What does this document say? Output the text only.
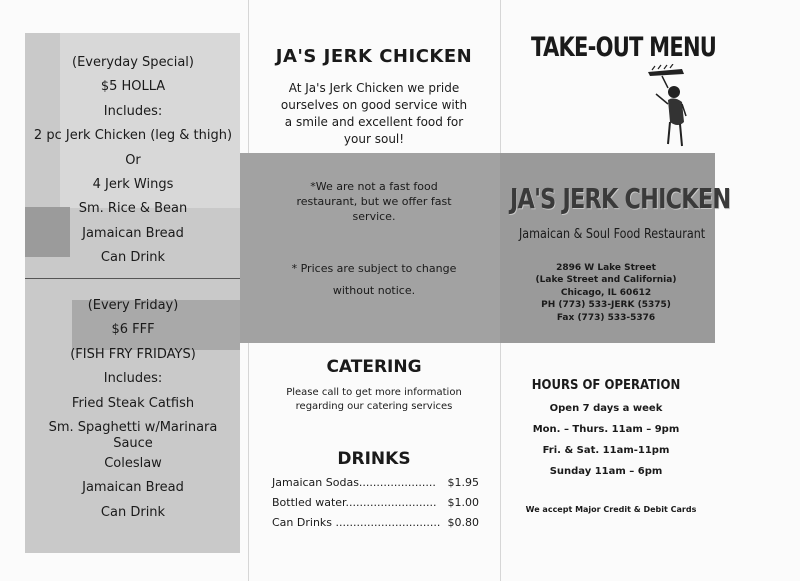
(Everyday Special)
$5 HOLLA
Includes:
2 pc Jerk Chicken (leg & thigh)
Or
4 Jerk Wings
Sm. Rice & Bean
Jamaican Bread
Can Drink
(Every Friday)
$6 FFF
(FISH FRY FRIDAYS)
Includes:
Fried Steak Catfish
Sm. Spaghetti w/Marinara
Sauce
Coleslaw
Jamaican Bread
Can Drink
JA'S JERK CHICKEN
At Ja's Jerk Chicken we pride
ourselves on good service with
a smile and excellent food for
your soul!
*We are not a fast food
restaurant, but we offer fast
service.
* Prices are subject to change
without notice.
CATERING
Please call to get more information
regarding our catering services
DRINKS
Jamaican Sodas...................... $1.95
Bottled water.......................... $1.00
Can Drinks .............................. $0.80
TAKE-OUT MENU
JA'S JERK CHICKEN
Jamaican & Soul Food Restaurant
2896 W Lake Street
(Lake Street and California)
Chicago, IL 60612
PH (773) 533-JERK (5375)
Fax (773) 533-5376
HOURS OF OPERATION
Open 7 days a week
Mon. – Thurs. 11am – 9pm
Fri. & Sat. 11am-11pm
Sunday 11am – 6pm
We accept Major Credit & Debit Cards
